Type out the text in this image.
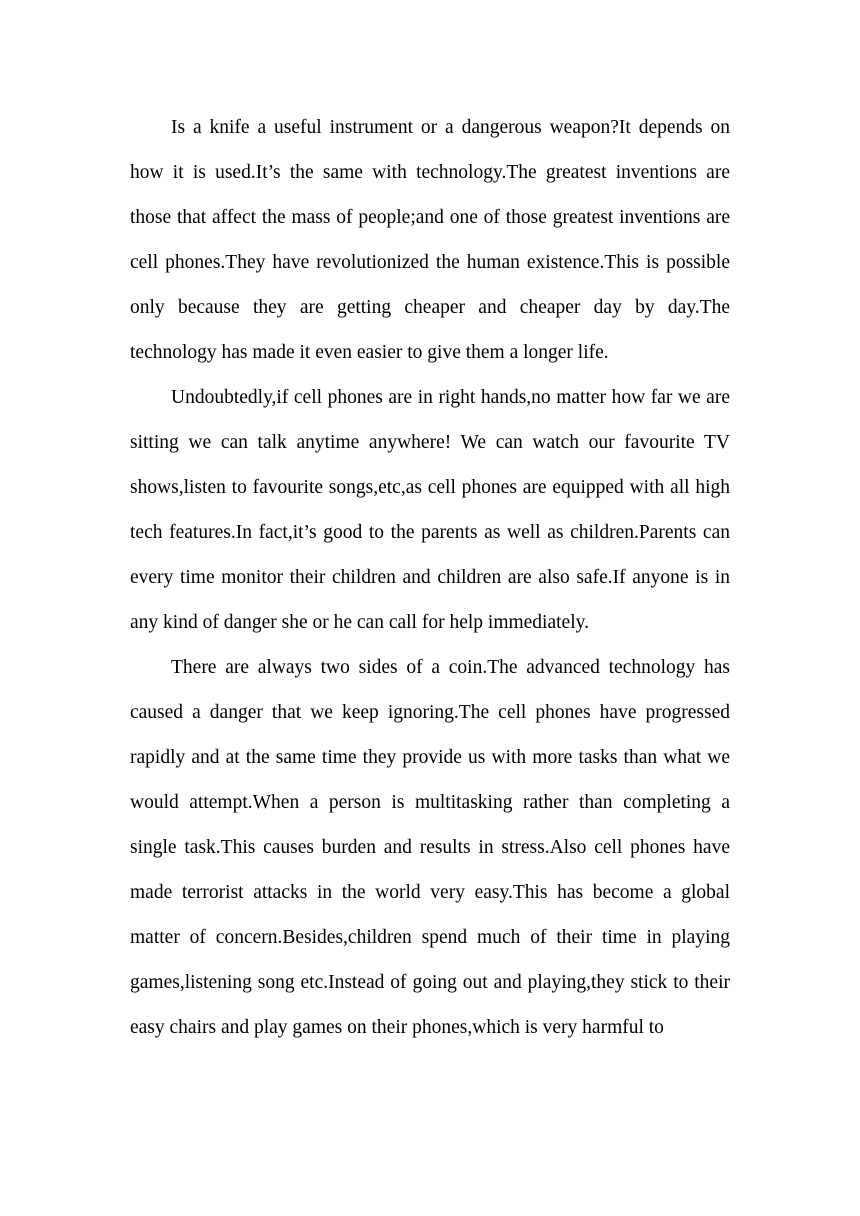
Is a knife a useful instrument or a dangerous weapon?It depends on how it is used.It’s the same with technology.The greatest inventions are those that affect the mass of people;and one of those greatest inventions are cell phones.They have revolutionized the human existence.This is possible only because they are getting cheaper and cheaper day by day.The technology has made it even easier to give them a longer life.

Undoubtedly,if cell phones are in right hands,no matter how far we are sitting we can talk anytime anywhere! We can watch our favourite TV shows,listen to favourite songs,etc,as cell phones are equipped with all high tech features.In fact,it’s good to the parents as well as children.Parents can every time monitor their children and children are also safe.If anyone is in any kind of danger she or he can call for help immediately.

There are always two sides of a coin.The advanced technology has caused a danger that we keep ignoring.The cell phones have progressed rapidly and at the same time they provide us with more tasks than what we would attempt.When a person is multitasking rather than completing a single task.This causes burden and results in stress.Also cell phones have made terrorist attacks in the world very easy.This has become a global matter of concern.Besides,children spend much of their time in playing games,listening song etc.Instead of going out and playing,they stick to their easy chairs and play games on their phones,which is very harmful to
